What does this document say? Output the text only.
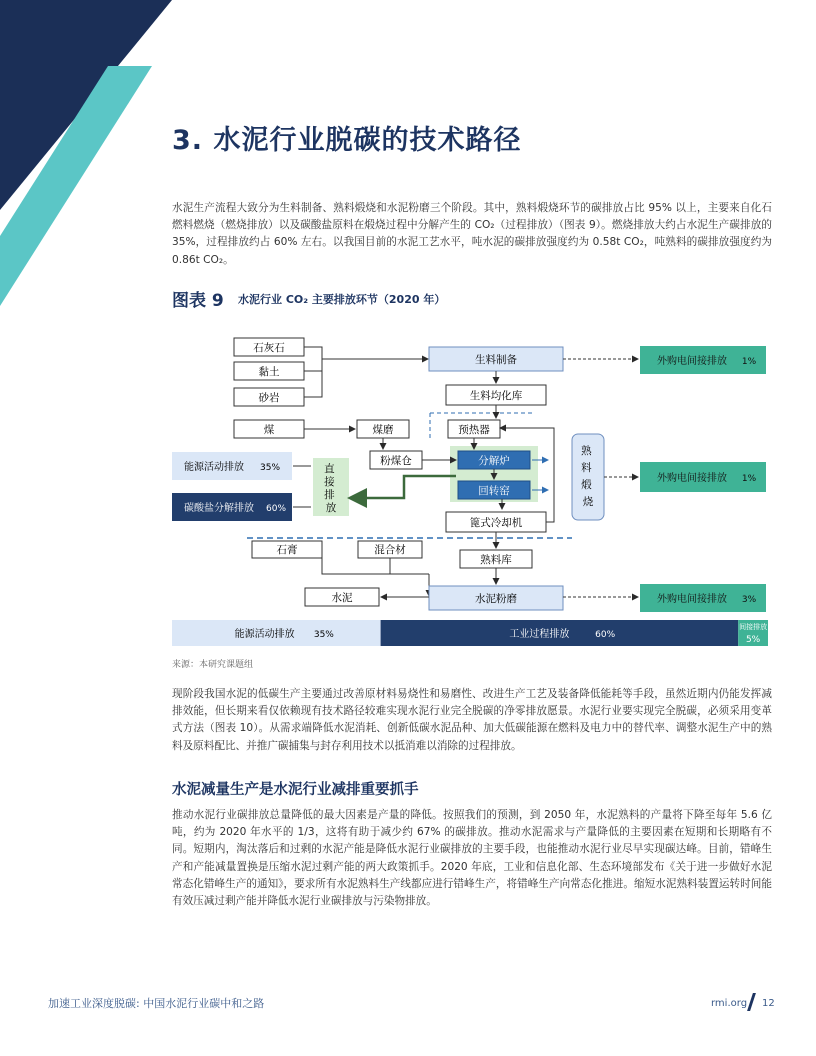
3. 水泥行业脱碳的技术路径
水泥生产流程大致分为生料制备、熟料煅烧和水泥粉磨三个阶段。其中，熟料煅烧环节的碳排放占比 95% 以上，主要来自化石燃料燃烧（燃烧排放）以及碳酸盐原料在煅烧过程中分解产生的 CO₂（过程排放）（图表 9）。燃烧排放大约占水泥生产碳排放的 35%，过程排放约占 60% 左右。以我国目前的水泥工艺水平，吨水泥的碳排放强度约为 0.58t CO₂，吨熟料的碳排放强度约为 0.86t CO₂。
图表 9 水泥行业 CO₂ 主要排放环节（2020 年）
石灰石
黏土
砂岩
生料制备
生料均化库
外购电间接排放 1%
煤	煤磨
粉煤仓
预热器
分解炉
回转窑
篦式冷却机
熟 料 煅 烧
外购电间接排放 1%
直 接 排 放
能源活动排放 35%
碳酸盐分解排放 60%
石膏	混合材
熟料库
水泥粉磨
水泥	外购电间接排放 3%
能源活动排放 35%	工业过程排放	60%
间接排放
5%
来源：本研究课题组
现阶段我国水泥的低碳生产主要通过改善原材料易烧性和易磨性、改进生产工艺及装备降低能耗等手段，虽然近期内仍能发挥减排效能，但长期来看仅依赖现有技术路径较难实现水泥行业完全脱碳的净零排放愿景。水泥行业要实现完全脱碳，必须采用变革式方法（图表 10）。从需求端降低水泥消耗、创新低碳水泥品种、加大低碳能源在燃料及电力中的替代率、调整水泥生产中的熟料及原料配比、并推广碳捕集与封存利用技术以抵消难以消除的过程排放。
水泥减量生产是水泥行业减排重要抓手
推动水泥行业碳排放总量降低的最大因素是产量的降低。按照我们的预测，到 2050 年，水泥熟料的产量将下降至每年 5.6 亿吨，约为 2020 年水平的 1/3，这将有助于减少约 67% 的碳排放。推动水泥需求与产量降低的主要因素在短期和长期略有不同。短期内，淘汰落后和过剩的水泥产能是降低水泥行业碳排放的主要手段，也能推动水泥行业尽早实现碳达峰。目前，错峰生产和产能减量置换是压缩水泥过剩产能的两大政策抓手。2020 年底，工业和信息化部、生态环境部发布《关于进一步做好水泥常态化错峰生产的通知》，要求所有水泥熟料生产线都应进行错峰生产，将错峰生产向常态化推进。缩短水泥熟料装置运转时间能有效压减过剩产能并降低水泥行业碳排放与污染物排放。
加速工业深度脱碳: 中国水泥行业碳中和之路	rmi.org 12
